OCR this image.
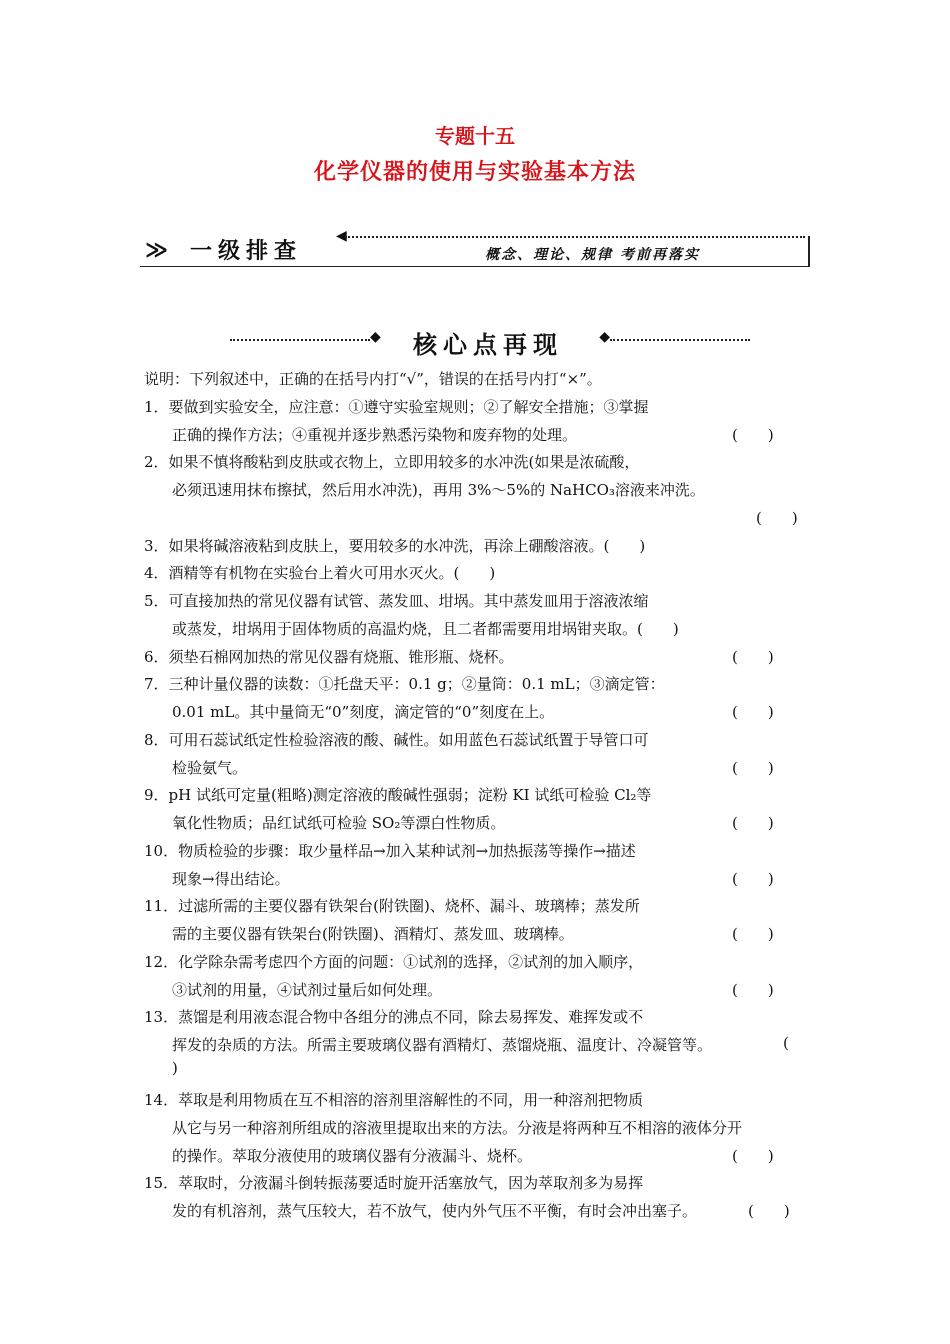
专题十五
化学仪器的使用与实验基本方法
≫ 一级排查
◀
概念、理论、规律 考前再落实
◆	核心点再现	◆
说明：下列叙述中，正确的在括号内打“√”，错误的在括号内打“×”。
1．要做到实验安全，应注意：①遵守实验室规则；②了解安全措施；③掌握
正确的操作方法；④重视并逐步熟悉污染物和废弃物的处理。	(　　)
2．如果不慎将酸粘到皮肤或衣物上，立即用较多的水冲洗(如果是浓硫酸，
必须迅速用抹布擦拭，然后用水冲洗)，再用 3%～5%的 NaHCO₃溶液来冲洗。
(　　)
3．如果将碱溶液粘到皮肤上，要用较多的水冲洗，再涂上硼酸溶液。(　　)
4．酒精等有机物在实验台上着火可用水灭火。(　　)
5．可直接加热的常见仪器有试管、蒸发皿、坩埚。其中蒸发皿用于溶液浓缩
或蒸发，坩埚用于固体物质的高温灼烧，且二者都需要用坩埚钳夹取。(　　)
6．须垫石棉网加热的常见仪器有烧瓶、锥形瓶、烧杯。	(　　)
7．三种计量仪器的读数：①托盘天平：0.1 g；②量筒：0.1 mL；③滴定管：
0.01 mL。其中量筒无“0”刻度，滴定管的“0”刻度在上。	(　　)
8．可用石蕊试纸定性检验溶液的酸、碱性。如用蓝色石蕊试纸置于导管口可
检验氨气。	(　　)
9．pH 试纸可定量(粗略)测定溶液的酸碱性强弱；淀粉 KI 试纸可检验 Cl₂等
氧化性物质；品红试纸可检验 SO₂等漂白性物质。	(　　)
10．物质检验的步骤：取少量样品→加入某种试剂→加热振荡等操作→描述
现象→得出结论。	(　　)
11．过滤所需的主要仪器有铁架台(附铁圈)、烧杯、漏斗、玻璃棒；蒸发所
需的主要仪器有铁架台(附铁圈)、酒精灯、蒸发皿、玻璃棒。	(　　)
12．化学除杂需考虑四个方面的问题：①试剂的选择，②试剂的加入顺序，
③试剂的用量，④试剂过量后如何处理。	(　　)
13．蒸馏是利用液态混合物中各组分的沸点不同，除去易挥发、难挥发或不
挥发的杂质的方法。所需主要玻璃仪器有酒精灯、蒸馏烧瓶、温度计、冷凝管等。	(
)
14．萃取是利用物质在互不相溶的溶剂里溶解性的不同，用一种溶剂把物质
从它与另一种溶剂所组成的溶液里提取出来的方法。分液是将两种互不相溶的液体分开
的操作。萃取分液使用的玻璃仪器有分液漏斗、烧杯。	(　　)
15．萃取时，分液漏斗倒转振荡要适时旋开活塞放气，因为萃取剂多为易挥
发的有机溶剂，蒸气压较大，若不放气，使内外气压不平衡，有时会冲出塞子。	(　　)
